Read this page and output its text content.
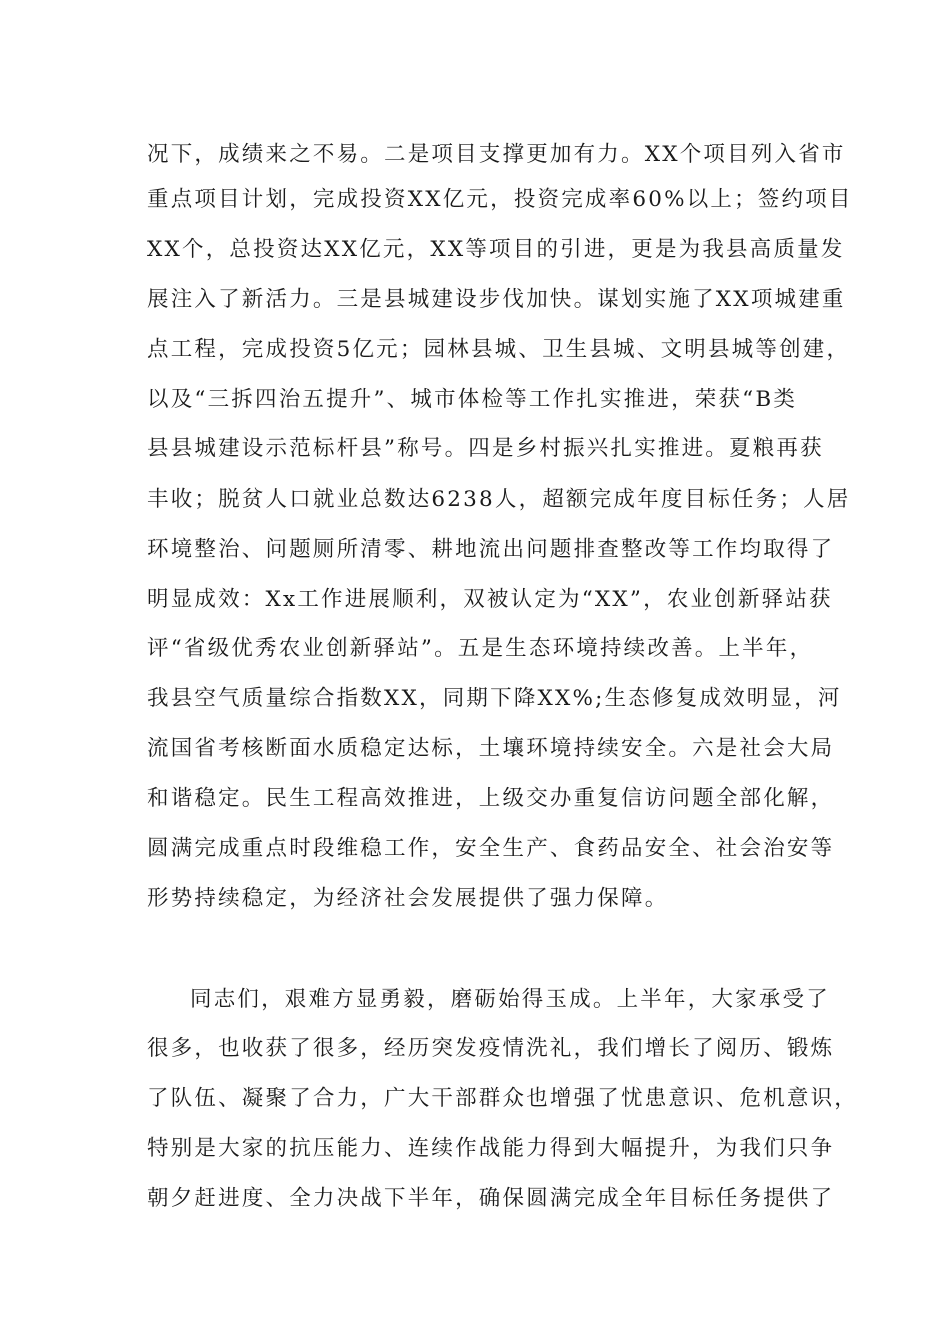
况下，成绩来之不易。二是项目支撑更加有力。XX个项目列入省市
重点项目计划，完成投资XX亿元，投资完成率60%以上；签约项目
XX个，总投资达XX亿元，XX等项目的引进，更是为我县高质量发
展注入了新活力。三是县城建设步伐加快。谋划实施了XX项城建重
点工程，完成投资5亿元；园林县城、卫生县城、文明县城等创建，
以及“三拆四治五提升”、城市体检等工作扎实推进，荣获“B类
县县城建设示范标杆县”称号。四是乡村振兴扎实推进。夏粮再获
丰收；脱贫人口就业总数达6238人，超额完成年度目标任务；人居
环境整治、问题厕所清零、耕地流出问题排查整改等工作均取得了
明显成效：Xx工作进展顺利，双被认定为“XX”，农业创新驿站获
评“省级优秀农业创新驿站”。五是生态环境持续改善。上半年，
我县空气质量综合指数XX，同期下降XX%;生态修复成效明显，河
流国省考核断面水质稳定达标，土壤环境持续安全。六是社会大局
和谐稳定。民生工程高效推进，上级交办重复信访问题全部化解，
圆满完成重点时段维稳工作，安全生产、食药品安全、社会治安等
形势持续稳定，为经济社会发展提供了强力保障。
同志们，艰难方显勇毅，磨砺始得玉成。上半年，大家承受了
很多，也收获了很多，经历突发疫情洗礼，我们增长了阅历、锻炼
了队伍、凝聚了合力，广大干部群众也增强了忧患意识、危机意识，
特别是大家的抗压能力、连续作战能力得到大幅提升，为我们只争
朝夕赶进度、全力决战下半年，确保圆满完成全年目标任务提供了
